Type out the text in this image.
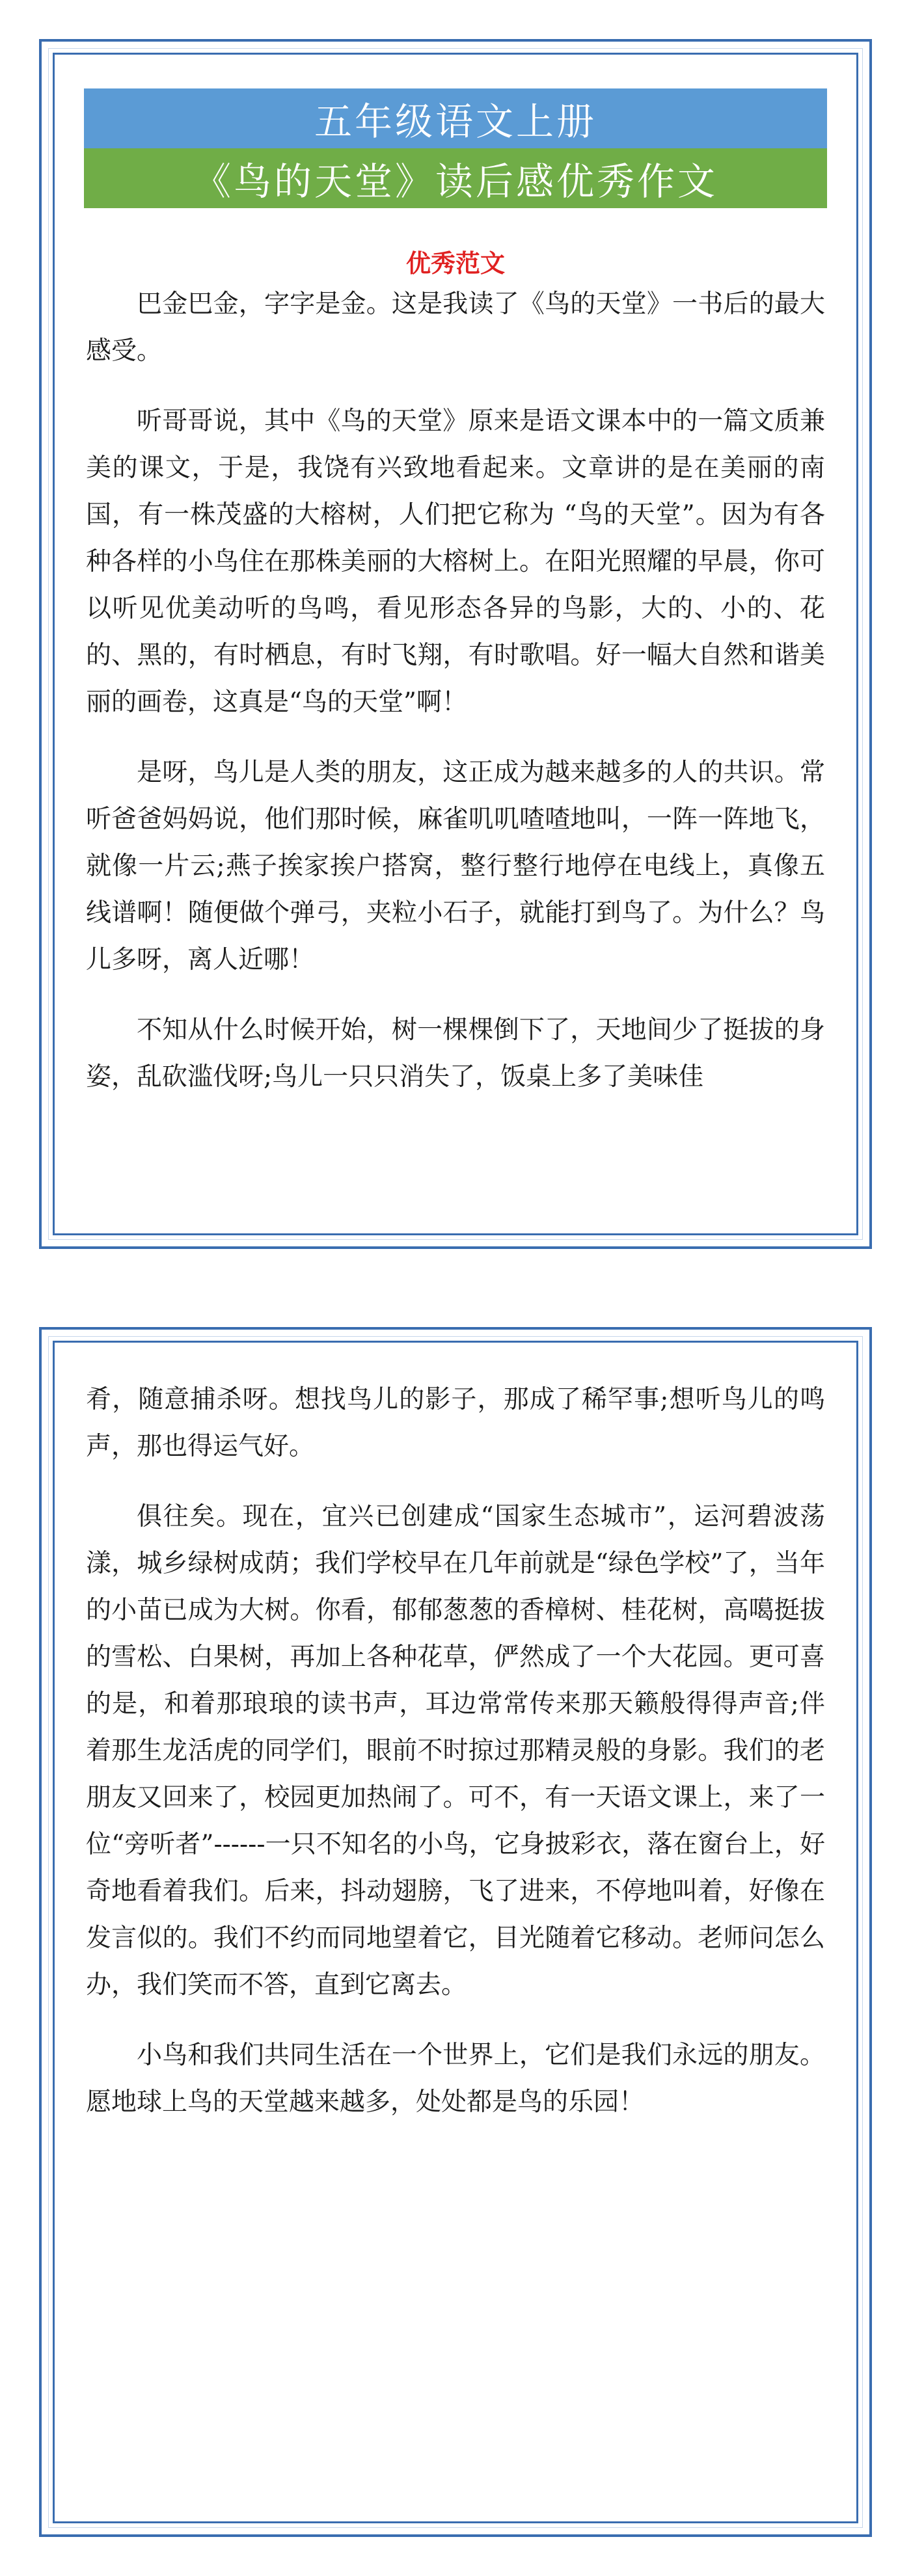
五年级语文上册
《鸟的天堂》读后感优秀作文
优秀范文

巴金巴金，字字是金。这是我读了《鸟的天堂》一书后的最大感受。

听哥哥说，其中《鸟的天堂》原来是语文课本中的一篇文质兼美的课文，于是，我饶有兴致地看起来。文章讲的是在美丽的南国，有一株茂盛的大榕树，人们把它称为 “鸟的天堂”。因为有各种各样的小鸟住在那株美丽的大榕树上。在阳光照耀的早晨，你可以听见优美动听的鸟鸣，看见形态各异的鸟影，大的、小的、花的、黑的，有时栖息，有时飞翔，有时歌唱。好一幅大自然和谐美丽的画卷，这真是“鸟的天堂”啊！

是呀，鸟儿是人类的朋友，这正成为越来越多的人的共识。常听爸爸妈妈说，他们那时候，麻雀叽叽喳喳地叫，一阵一阵地飞，就像一片云;燕子挨家挨户搭窝，整行整行地停在电线上，真像五线谱啊！随便做个弹弓，夹粒小石子，就能打到鸟了。为什么？鸟儿多呀，离人近哪！

不知从什么时候开始，树一棵棵倒下了，天地间少了挺拔的身姿，乱砍滥伐呀;鸟儿一只只消失了，饭桌上多了美味佳

肴，随意捕杀呀。想找鸟儿的影子，那成了稀罕事;想听鸟儿的鸣声，那也得运气好。

俱往矣。现在，宜兴已创建成“国家生态城市”，运河碧波荡漾，城乡绿树成荫；我们学校早在几年前就是“绿色学校”了，当年的小苗已成为大树。你看，郁郁葱葱的香樟树、桂花树，高噶挺拔的雪松、白果树，再加上各种花草，俨然成了一个大花园。更可喜的是，和着那琅琅的读书声，耳边常常传来那天籁般得得声音;伴着那生龙活虎的同学们，眼前不时掠过那精灵般的身影。我们的老朋友又回来了，校园更加热闹了。可不，有一天语文课上，来了一位“旁听者”------一只不知名的小鸟，它身披彩衣，落在窗台上，好奇地看着我们。后来，抖动翅膀，飞了进来，不停地叫着，好像在发言似的。我们不约而同地望着它，目光随着它移动。老师问怎么办，我们笑而不答，直到它离去。

小鸟和我们共同生活在一个世界上，它们是我们永远的朋友。愿地球上鸟的天堂越来越多，处处都是鸟的乐园！
